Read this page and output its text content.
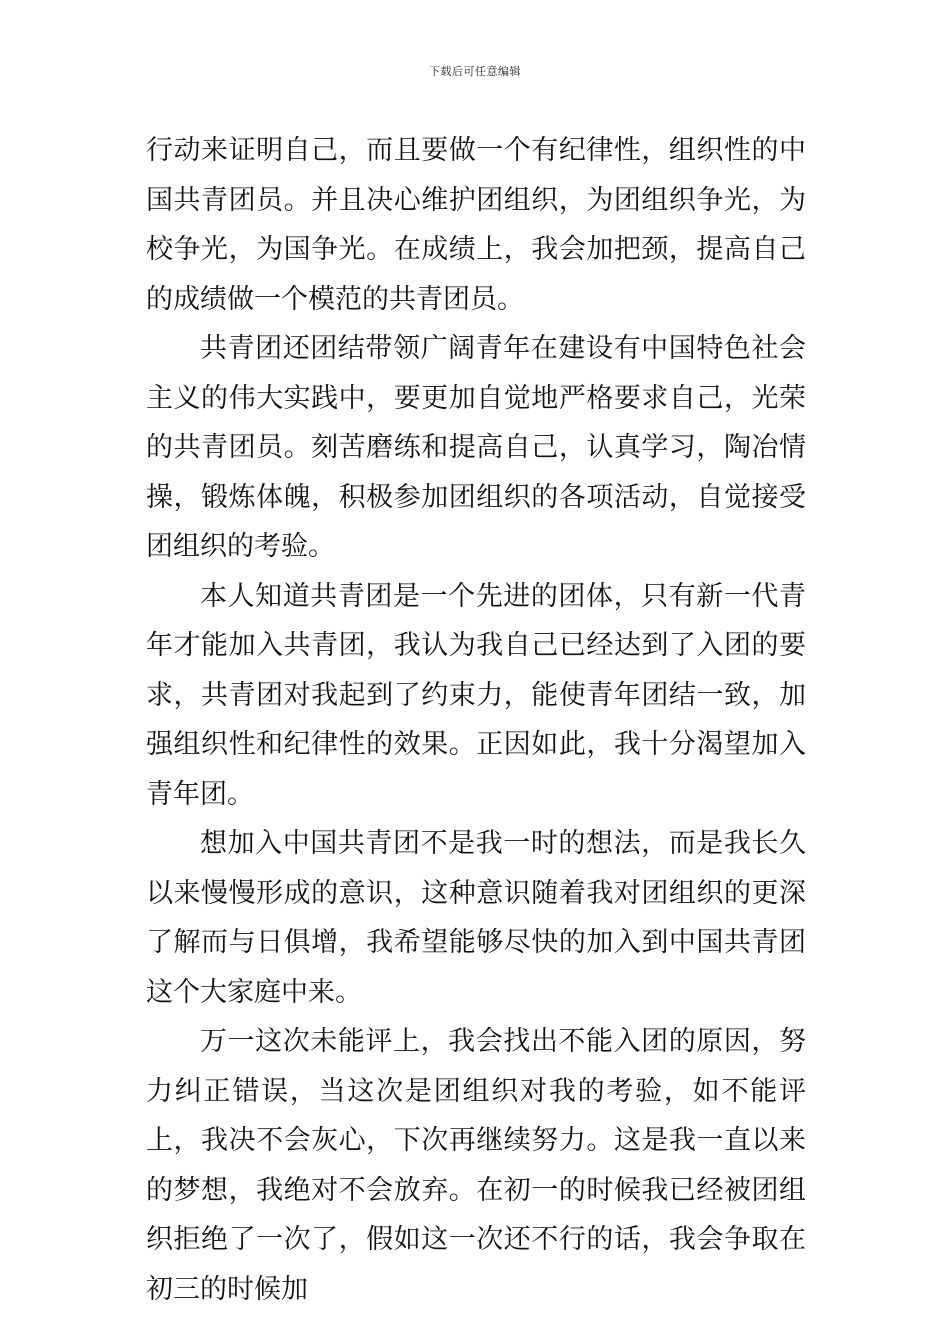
下载后可任意编辑

行动来证明自己，而且要做一个有纪律性，组织性的中国共青团员。并且决心维护团组织，为团组织争光，为校争光，为国争光。在成绩上，我会加把颈，提高自己的成绩做一个模范的共青团员。

共青团还团结带领广阔青年在建设有中国特色社会主义的伟大实践中，要更加自觉地严格要求自己，光荣的共青团员。刻苦磨练和提高自己，认真学习，陶冶情操，锻炼体魄，积极参加团组织的各项活动，自觉接受团组织的考验。

本人知道共青团是一个先进的团体，只有新一代青年才能加入共青团，我认为我自己已经达到了入团的要求，共青团对我起到了约束力，能使青年团结一致，加强组织性和纪律性的效果。正因如此，我十分渴望加入青年团。

想加入中国共青团不是我一时的想法，而是我长久以来慢慢形成的意识，这种意识随着我对团组织的更深了解而与日俱增，我希望能够尽快的加入到中国共青团这个大家庭中来。

万一这次未能评上，我会找出不能入团的原因，努力纠正错误，当这次是团组织对我的考验，如不能评上，我决不会灰心，下次再继续努力。这是我一直以来的梦想，我绝对不会放弃。在初一的时候我已经被团组织拒绝了一次了，假如这一次还不行的话，我会争取在初三的时候加
